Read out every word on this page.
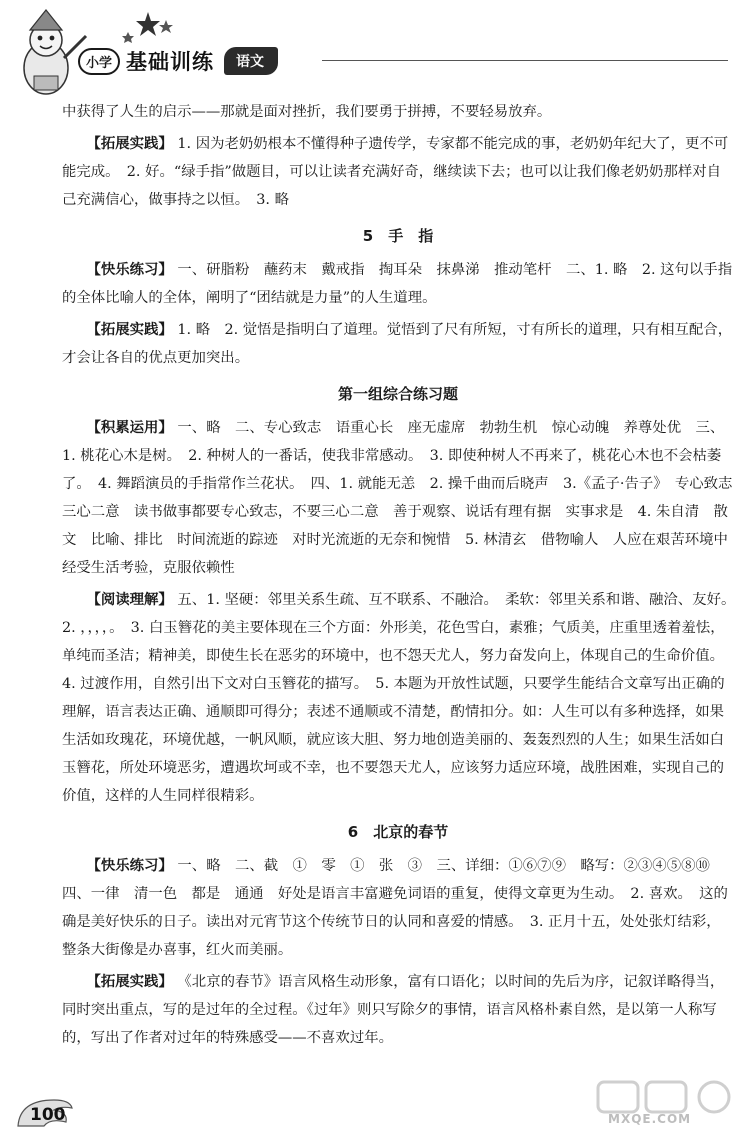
小学 基础训练	语文

中获得了人生的启示——那就是面对挫折，我们要勇于拼搏，不要轻易放弃。

【拓展实践】 1. 因为老奶奶根本不懂得种子遗传学，专家都不能完成的事，老奶奶年纪大了，更不可能完成。　2. 好。“绿手指”做题目，可以让读者充满好奇，继续读下去；也可以让我们像老奶奶那样对自己充满信心，做事持之以恒。　3. 略

5　手　指

【快乐练习】 一、研脂粉　蘸药末　戴戒指　掏耳朵　抹鼻涕　推动笔杆　二、1. 略　2. 这句以手指的全体比喻人的全体，阐明了“团结就是力量”的人生道理。

【拓展实践】 1. 略　2. 觉悟是指明白了道理。觉悟到了尺有所短，寸有所长的道理，只有相互配合，才会让各自的优点更加突出。

第一组综合练习题

【积累运用】 一、略　二、专心致志　语重心长　座无虚席　勃勃生机　惊心动魄　养尊处优　三、1. 桃花心木是树。　2. 种树人的一番话，使我非常感动。　3. 即使种树人不再来了，桃花心木也不会枯萎了。　4. 舞蹈演员的手指常作兰花状。　四、1. 就能无恙　2. 操千曲而后晓声　3.《孟子·告子》　专心致志　三心二意　读书做事都要专心致志，不要三心二意　善于观察、说话有理有据　实事求是　4. 朱自清　散文　比喻、排比　时间流逝的踪迹　对时光流逝的无奈和惋惜　5. 林清玄　借物喻人　人应在艰苦环境中经受生活考验，克服依赖性

【阅读理解】 五、1. 坚硬：邻里关系生疏、互不联系、不融洽。　柔软：邻里关系和谐、融洽、友好。　2. ，，，，。　3. 白玉簪花的美主要体现在三个方面：外形美，花色雪白，素雅；气质美，庄重里透着羞怯，单纯而圣洁；精神美，即使生长在恶劣的环境中，也不怨天尤人，努力奋发向上，体现自己的生命价值。　4. 过渡作用，自然引出下文对白玉簪花的描写。　5. 本题为开放性试题，只要学生能结合文章写出正确的理解，语言表达正确、通顺即可得分；表述不通顺或不清楚，酌情扣分。如：人生可以有多种选择，如果生活如玫瑰花，环境优越，一帆风顺，就应该大胆、努力地创造美丽的、轰轰烈烈的人生；如果生活如白玉簪花，所处环境恶劣，遭遇坎坷或不幸，也不要怨天尤人，应该努力适应环境，战胜困难，实现自己的价值，这样的人生同样很精彩。

6　北京的春节

【快乐练习】 一、略　二、截　①　零　①　张　③　三、详细：①⑥⑦⑨　略写：②③④⑤⑧⑩　四、一律　清一色　都是　通通　好处是语言丰富避免词语的重复，使得文章更为生动。　2. 喜欢。　这的确是美好快乐的日子。读出对元宵节这个传统节日的认同和喜爱的情感。　3. 正月十五，处处张灯结彩，整条大街像是办喜事，红火而美丽。

【拓展实践】 《北京的春节》语言风格生动形象，富有口语化；以时间的先后为序，记叙详略得当，同时突出重点，写的是过年的全过程。《过年》则只写除夕的事情，语言风格朴素自然，是以第一人称写的，写出了作者对过年的特殊感受——不喜欢过年。

100	MXQE.COM
